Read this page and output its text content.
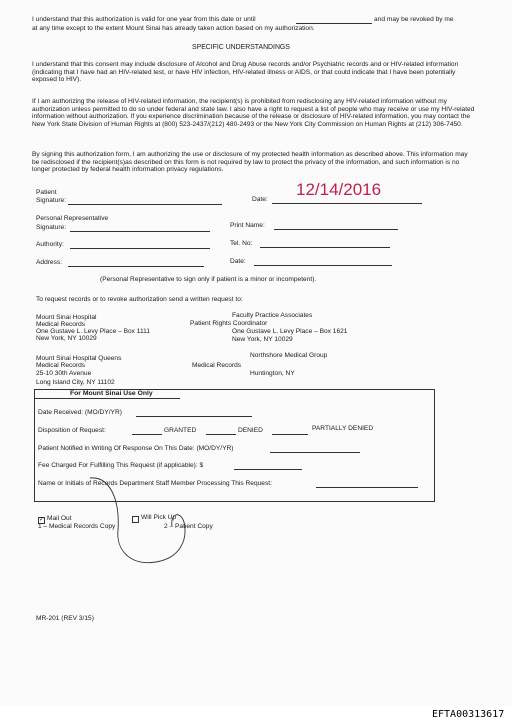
I understand that this authorization is valid for one year from this date or until	and may be revoked by me
at any time except to the extent Mount Sinai has already taken action based on my authorization.
SPECIFIC UNDERSTANDINGS
I understand that this consent may include disclosure of Alcohol and Drug Abuse records and/or Psychiatric records and or HIV-related information (indicating that I have had an HIV-related test, or have HIV infection, HIV-related illness or AIDS, or that could indicate that I have been potentially exposed to HIV).
If I am authorizing the release of HIV-related information, the recipient(s) is prohibited from redisclosing any HIV-related information without my authorization unless permitted to do so under federal and state law. I also have a right to request a list of people who may receive or use my HIV-related information without authorization. If you experience discrimination because of the release or disclosure of HIV-related information, you may contact the New York State Division of Human Rights at (800) 523-2437/(212) 480-2493 or the New York City Commission on Human Rights at (212) 306-7450.
By signing this authorization form, I am authorizing the use or disclosure of my protected health information as described above. This information may be redisclosed if the recipient(s)as described on this form is not required by law to protect the privacy of the information, and such information is no longer protected by federal health information privacy regulations.
Patient
Signature:	Date:
12/14/2016
Personal Representative
Signature:	Print Name:
Authority:	Tel. No:
Address:	Date:
(Personal Representative to sign only if patient is a minor or incompetent).
To request records or to revoke authorization send a written request to:
Mount Sinai Hospital
Medical Records
One Gustave L. Levy Place – Box 1111
New York, NY 10029
Faculty Practice Associates
Patient Rights Coordinator
One Gustave L. Levy Place – Box 1621
New York, NY 10029
Mount Sinai Hospital Queens
Medical Records
25-10 30th Avenue
Long Island City, NY 11102
Northshore Medical Group
Medical Records
Huntington, NY
For Mount Sinai Use Only
Date Received: (MO/DY/YR)
Disposition of Request:	GRANTED	DENIED	PARTIALLY DENIED
Patient Notified in Writing Of Response On This Date: (MO/DY/YR)
Fee Charged For Fulfilling This Request (if applicable): $
Name or Initials of Records Department Staff Member Processing This Request:
✓ Mail Out
1 – Medical Records Copy
Will Pick Up
2 – Patient Copy
MR-201 (REV 3/15)
EFTA00313617
